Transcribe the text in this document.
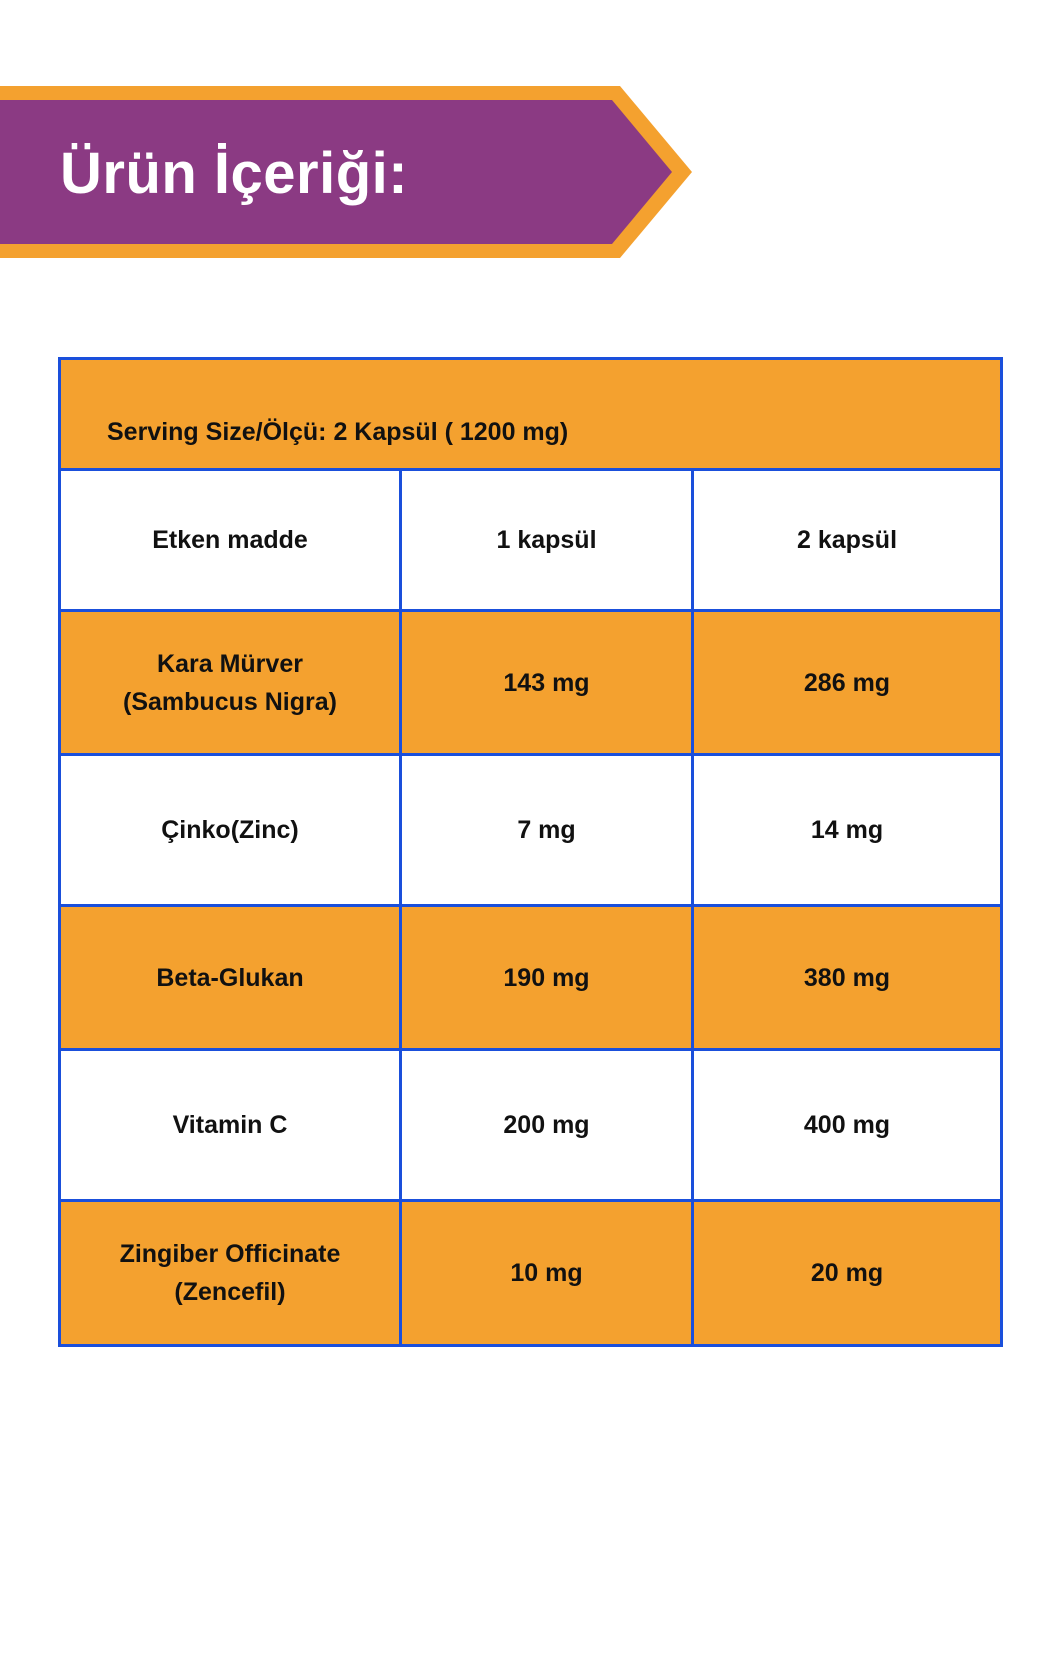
Ürün İçeriği:
Serving Size/Ölçü: 2 Kapsül ( 1200 mg)
Etken madde	1 kapsül	2 kapsül
Kara Mürver
(Sambucus Nigra)
143 mg	286 mg
Çinko(Zinc)	7 mg	14 mg
Beta-Glukan	190 mg	380 mg
Vitamin C	200 mg	400 mg
Zingiber Officinate
(Zencefil)
10 mg	20 mg
